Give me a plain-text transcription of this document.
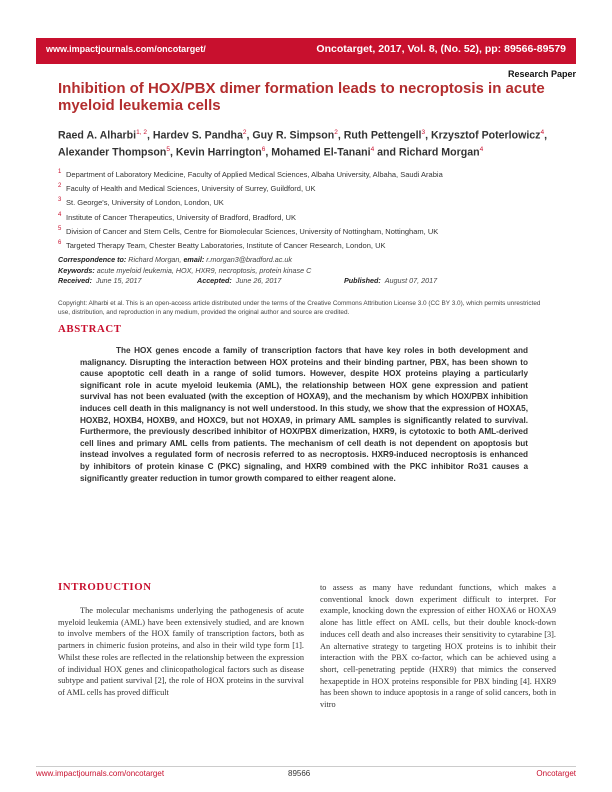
www.impactjournals.com/oncotarget/	Oncotarget, 2017, Vol. 8, (No. 52), pp: 89566-89579
Research Paper
Inhibition of HOX/PBX dimer formation leads to necroptosis in acute myeloid leukemia cells
Raed A. Alharbi$^{1, 2}$, Hardev S. Pandha$^2$, Guy R. Simpson$^2$, Ruth Pettengell$^3$, Krzysztof Poterlowicz$^4$, Alexander Thompson$^5$, Kevin Harrington$^6$, Mohamed El-Tanani$^4$ and Richard Morgan$^4$
1 Department of Laboratory Medicine, Faculty of Applied Medical Sciences, Albaha University, Albaha, Saudi Arabia
2 Faculty of Health and Medical Sciences, University of Surrey, Guildford, UK
3 St. George's, University of London, London, UK
4 Institute of Cancer Therapeutics, University of Bradford, Bradford, UK
5 Division of Cancer and Stem Cells, Centre for Biomolecular Sciences, University of Nottingham, Nottingham, UK
6 Targeted Therapy Team, Chester Beatty Laboratories, Institute of Cancer Research, London, UK
Correspondence to: Richard Morgan, email: r.morgan3@bradford.ac.uk
Keywords: acute myeloid leukemia, HOX, HXR9, necroptosis, protein kinase C
Received: June 15, 2017	Accepted: June 26, 2017	Published: August 07, 2017
Copyright: Alharbi et al. This is an open-access article distributed under the terms of the Creative Commons Attribution License 3.0 (CC BY 3.0), which permits unrestricted use, distribution, and reproduction in any medium, provided the original author and source are credited.
ABSTRACT
The HOX genes encode a family of transcription factors that have key roles in both development and malignancy. Disrupting the interaction between HOX proteins and their binding partner, PBX, has been shown to cause apoptotic cell death in a range of solid tumors. However, despite HOX proteins playing a particularly significant role in acute myeloid leukemia (AML), the relationship between HOX gene expression and patient survival has not been evaluated (with the exception of HOXA9), and the mechanism by which HOX/PBX inhibition induces cell death in this malignancy is not well understood. In this study, we show that the expression of HOXA5, HOXB2, HOXB4, HOXB9, and HOXC9, but not HOXA9, in primary AML samples is significantly related to survival. Furthermore, the previously described inhibitor of HOX/PBX dimerization, HXR9, is cytotoxic to both AML-derived cell lines and primary AML cells from patients. The mechanism of cell death is not dependent on apoptosis but instead involves a regulated form of necrosis referred to as necroptosis. HXR9-induced necroptosis is enhanced by inhibitors of protein kinase C (PKC) signaling, and HXR9 combined with the PKC inhibitor Ro31 causes a significantly greater reduction in tumor growth compared to either reagent alone.
INTRODUCTION
The molecular mechanisms underlying the pathogenesis of acute myeloid leukemia (AML) have been extensively studied, and are known to involve members of the HOX family of transcription factors, both as partners in chimeric fusion proteins, and also in their wild type form [1]. Whilst these roles are reflected in the relationship between the expression of individual HOX genes and clinicopathological factors such as disease subtype and patient survival [2], the role of HOX proteins in the survival of AML cells has proved difficult
to assess as many have redundant functions, which makes a conventional knock down experiment difficult to interpret. For example, knocking down the expression of either HOXA6 or HOXA9 alone has little effect on AML cells, but their double knock-down induces cell death and also increases their sensitivity to cytarabine [3]. An alternative strategy to targeting HOX proteins is to inhibit their interaction with the PBX co-factor, which can be achieved using a short, cell-penetrating peptide (HXR9) that mimics the conserved hexapeptide in HOX proteins responsible for PBX binding [4]. HXR9 has been shown to induce apoptosis in a range of solid cancers, both in vitro
www.impactjournals.com/oncotarget	89566	Oncotarget
